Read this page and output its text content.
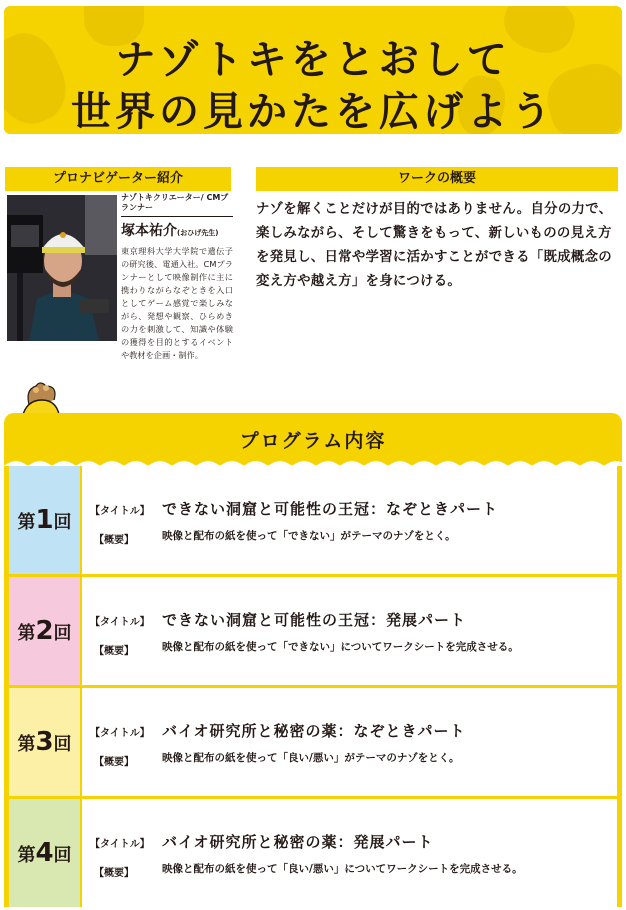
ナゾトキをとおして
世界の見かたを広げよう
プロナビゲーター紹介
ナゾトキクリエーター/ CMプランナー
塚本祐介(おひげ先生)
東京理科大学大学院で遺伝子の研究後、電通入社。CMプランナーとして映像制作に主に携わりながらなぞときを入口としてゲーム感覚で楽しみながら、発想や観察、ひらめきの力を刺激して、知識や体験の獲得を目的とするイベントや教材を企画・制作。
ワークの概要
ナゾを解くことだけが目的ではありません。自分の力で、楽しみながら、そして驚きをもって、新しいものの見え方を発見し、日常や学習に活かすことができる「既成概念の変え方や越え方」を身につける。
プログラム内容
第1回
【タイトル】 できない洞窟と可能性の王冠：なぞときパート
【概要】	映像と配布の紙を使って「できない」がテーマのナゾをとく。
第2回
【タイトル】 できない洞窟と可能性の王冠：発展パート
【概要】	映像と配布の紙を使って「できない」についてワークシートを完成させる。
第3回
【タイトル】 バイオ研究所と秘密の薬：なぞときパート
【概要】	映像と配布の紙を使って「良い/悪い」がテーマのナゾをとく。
第4回
【タイトル】 バイオ研究所と秘密の薬：発展パート
【概要】	映像と配布の紙を使って「良い/悪い」についてワークシートを完成させる。
